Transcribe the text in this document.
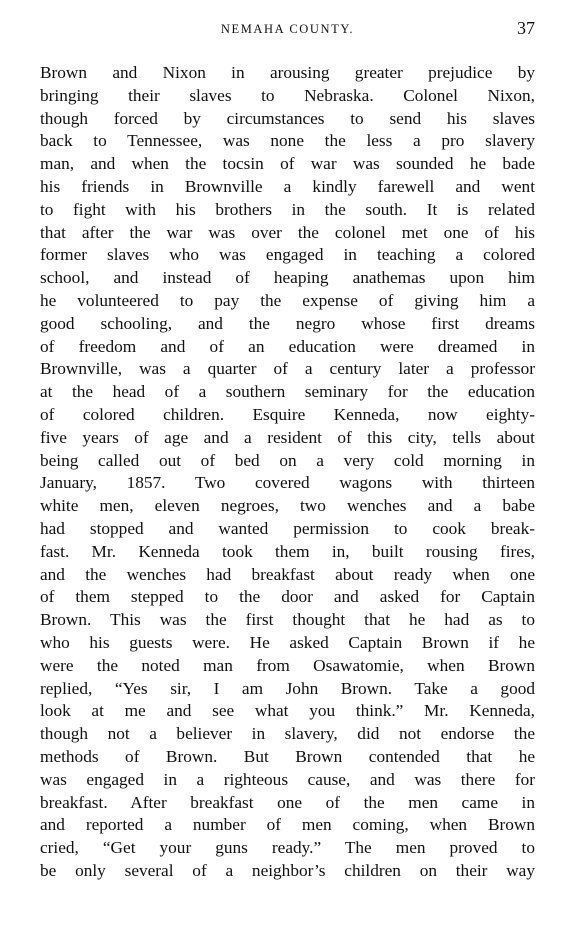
NEMAHA COUNTY.	37
Brown and Nixon in arousing greater prejudice by
bringing their slaves to Nebraska. Colonel Nixon,
though forced by circumstances to send his slaves
back to Tennessee, was none the less a pro slavery
man, and when the tocsin of war was sounded he bade
his friends in Brownville a kindly farewell and went
to fight with his brothers in the south. It is related
that after the war was over the colonel met one of his
former slaves who was engaged in teaching a colored
school, and instead of heaping anathemas upon him
he volunteered to pay the expense of giving him a
good schooling, and the negro whose first dreams
of freedom and of an education were dreamed in
Brownville, was a quarter of a century later a professor
at the head of a southern seminary for the education
of colored children. Esquire Kenneda, now eighty-
five years of age and a resident of this city, tells about
being called out of bed on a very cold morning in
January, 1857. Two covered wagons with thirteen
white men, eleven negroes, two wenches and a babe
had stopped and wanted permission to cook break-
fast. Mr. Kenneda took them in, built rousing fires,
and the wenches had breakfast about ready when one
of them stepped to the door and asked for Captain
Brown. This was the first thought that he had as to
who his guests were. He asked Captain Brown if he
were the noted man from Osawatomie, when Brown
replied, “Yes sir, I am John Brown. Take a good
look at me and see what you think.” Mr. Kenneda,
though not a believer in slavery, did not endorse the
methods of Brown. But Brown contended that he
was engaged in a righteous cause, and was there for
breakfast. After breakfast one of the men came in
and reported a number of men coming, when Brown
cried, “Get your guns ready.” The men proved to
be only several of a neighbor’s children on their way
